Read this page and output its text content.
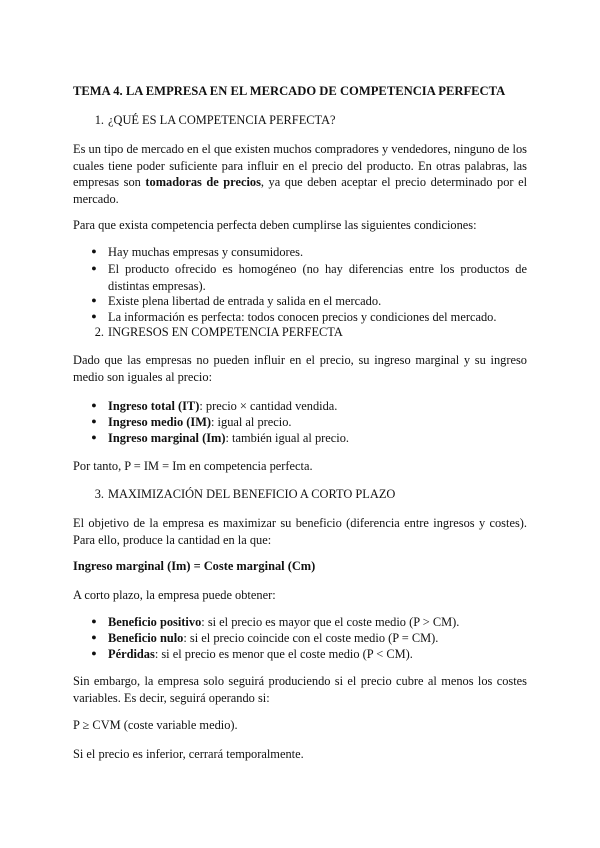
TEMA 4. LA EMPRESA EN EL MERCADO DE COMPETENCIA PERFECTA

1. ¿QUÉ ES LA COMPETENCIA PERFECTA?

Es un tipo de mercado en el que existen muchos compradores y vendedores, ninguno de los cuales tiene poder suficiente para influir en el precio del producto. En otras palabras, las empresas son tomadoras de precios, ya que deben aceptar el precio determinado por el mercado.

Para que exista competencia perfecta deben cumplirse las siguientes condiciones:

● Hay muchas empresas y consumidores.

● El producto ofrecido es homogéneo (no hay diferencias entre los productos de distintas empresas).

● Existe plena libertad de entrada y salida en el mercado.

● La información es perfecta: todos conocen precios y condiciones del mercado.

2. INGRESOS EN COMPETENCIA PERFECTA

Dado que las empresas no pueden influir en el precio, su ingreso marginal y su ingreso medio son iguales al precio:

● Ingreso total (IT): precio × cantidad vendida.

● Ingreso medio (IM): igual al precio.

● Ingreso marginal (Im): también igual al precio.

Por tanto, P = IM = Im en competencia perfecta.

3. MAXIMIZACIÓN DEL BENEFICIO A CORTO PLAZO

El objetivo de la empresa es maximizar su beneficio (diferencia entre ingresos y costes). Para ello, produce la cantidad en la que:

Ingreso marginal (Im) = Coste marginal (Cm)

A corto plazo, la empresa puede obtener:

● Beneficio positivo: si el precio es mayor que el coste medio (P > CM).

● Beneficio nulo: si el precio coincide con el coste medio (P = CM).

● Pérdidas: si el precio es menor que el coste medio (P < CM).

Sin embargo, la empresa solo seguirá produciendo si el precio cubre al menos los costes variables. Es decir, seguirá operando si:

P ≥ CVM (coste variable medio).

Si el precio es inferior, cerrará temporalmente.
